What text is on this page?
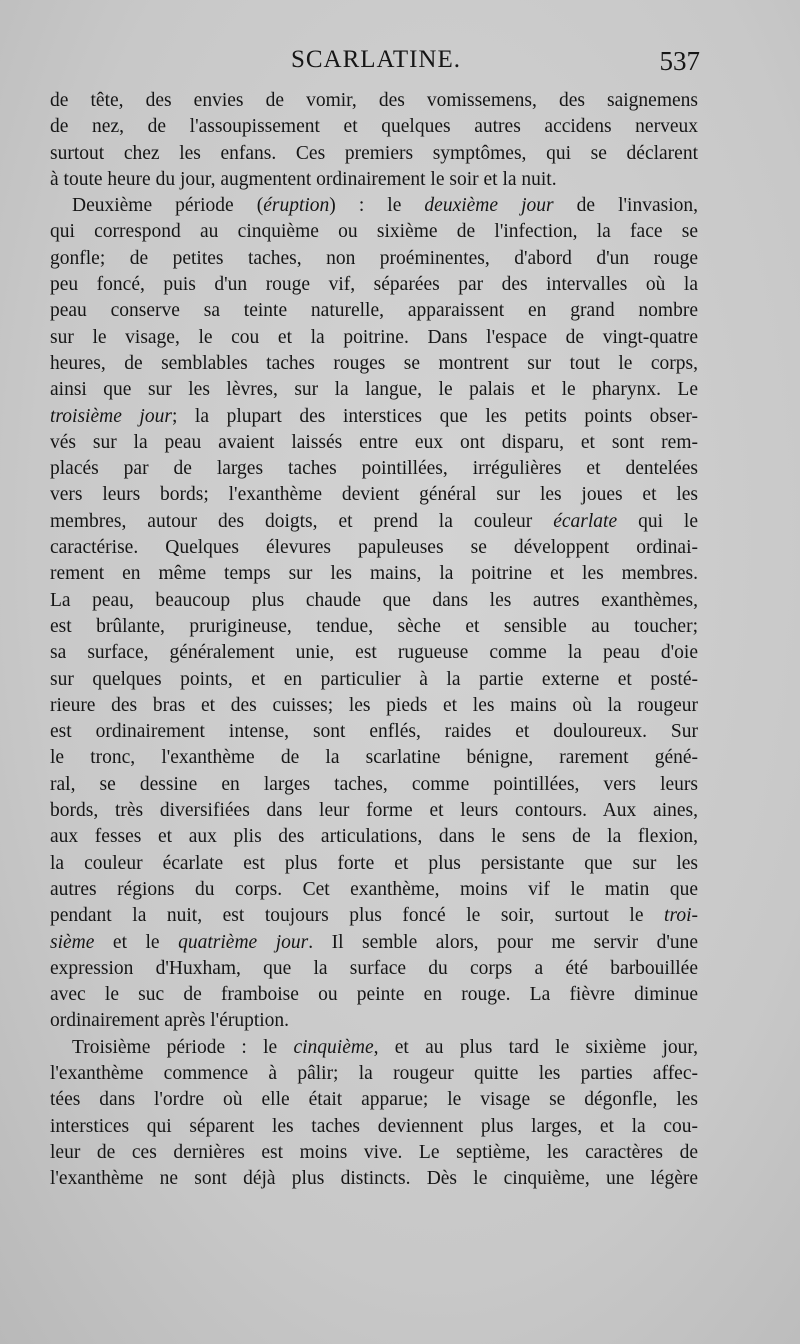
SCARLATINE.	537
de tête, des envies de vomir, des vomissemens, des saignemens
de nez, de l'assoupissement et quelques autres accidens nerveux
surtout chez les enfans. Ces premiers symptômes, qui se déclarent
à toute heure du jour, augmentent ordinairement le soir et la nuit.
Deuxième période (éruption) : le deuxième jour de l'invasion,
qui correspond au cinquième ou sixième de l'infection, la face se
gonfle; de petites taches, non proéminentes, d'abord d'un rouge
peu foncé, puis d'un rouge vif, séparées par des intervalles où la
peau conserve sa teinte naturelle, apparaissent en grand nombre
sur le visage, le cou et la poitrine. Dans l'espace de vingt-quatre
heures, de semblables taches rouges se montrent sur tout le corps,
ainsi que sur les lèvres, sur la langue, le palais et le pharynx. Le
troisième jour; la plupart des interstices que les petits points obser-
vés sur la peau avaient laissés entre eux ont disparu, et sont rem-
placés par de larges taches pointillées, irrégulières et dentelées
vers leurs bords; l'exanthème devient général sur les joues et les
membres, autour des doigts, et prend la couleur écarlate qui le
caractérise. Quelques élevures papuleuses se développent ordinai-
rement en même temps sur les mains, la poitrine et les membres.
La peau, beaucoup plus chaude que dans les autres exanthèmes,
est brûlante, prurigineuse, tendue, sèche et sensible au toucher;
sa surface, généralement unie, est rugueuse comme la peau d'oie
sur quelques points, et en particulier à la partie externe et posté-
rieure des bras et des cuisses; les pieds et les mains où la rougeur
est ordinairement intense, sont enflés, raides et douloureux. Sur
le tronc, l'exanthème de la scarlatine bénigne, rarement géné-
ral, se dessine en larges taches, comme pointillées, vers leurs
bords, très diversifiées dans leur forme et leurs contours. Aux aines,
aux fesses et aux plis des articulations, dans le sens de la flexion,
la couleur écarlate est plus forte et plus persistante que sur les
autres régions du corps. Cet exanthème, moins vif le matin que
pendant la nuit, est toujours plus foncé le soir, surtout le troi-
sième et le quatrième jour. Il semble alors, pour me servir d'une
expression d'Huxham, que la surface du corps a été barbouillée
avec le suc de framboise ou peinte en rouge. La fièvre diminue
ordinairement après l'éruption.
Troisième période : le cinquième, et au plus tard le sixième jour,
l'exanthème commence à pâlir; la rougeur quitte les parties affec-
tées dans l'ordre où elle était apparue; le visage se dégonfle, les
interstices qui séparent les taches deviennent plus larges, et la cou-
leur de ces dernières est moins vive. Le septième, les caractères de
l'exanthème ne sont déjà plus distincts. Dès le cinquième, une légère
